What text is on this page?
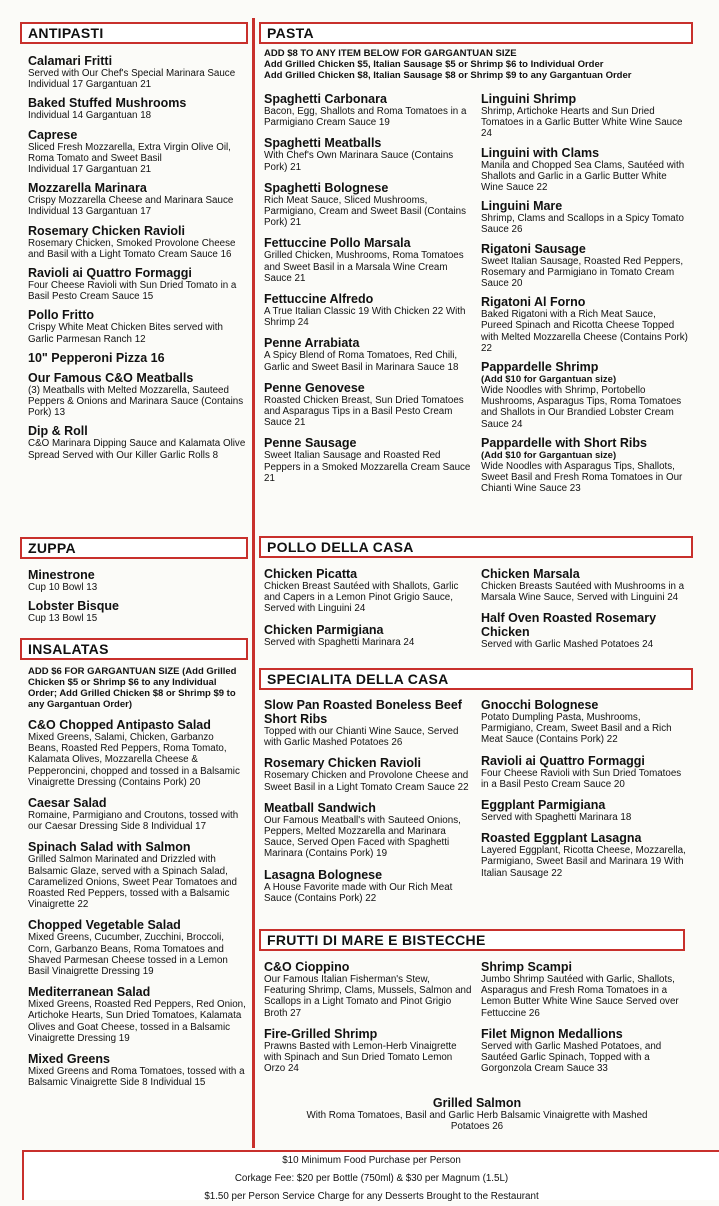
ANTIPASTI
Calamari Fritti
Served with Our Chef's Special Marinara Sauce
Individual 17 Gargantuan 21
Baked Stuffed Mushrooms
Individual 14 Gargantuan 18
Caprese
Sliced Fresh Mozzarella, Extra Virgin Olive Oil, Roma Tomato and Sweet Basil
Individual 17 Gargantuan 21
Mozzarella Marinara
Crispy Mozzarella Cheese and Marinara Sauce
Individual 13 Gargantuan 17
Rosemary Chicken Ravioli
Rosemary Chicken, Smoked Provolone Cheese and Basil with a Light Tomato Cream Sauce 16
Ravioli ai Quattro Formaggi
Four Cheese Ravioli with Sun Dried Tomato in a Basil Pesto Cream Sauce 15
Pollo Fritto
Crispy White Meat Chicken Bites served with Garlic Parmesan Ranch 12
10" Pepperoni Pizza 16
Our Famous C&O Meatballs
(3) Meatballs with Melted Mozzarella, Sauteed Peppers & Onions and Marinara Sauce (Contains Pork) 13
Dip & Roll
C&O Marinara Dipping Sauce and Kalamata Olive Spread Served with Our Killer Garlic Rolls 8
ZUPPA
Minestrone
Cup 10 Bowl 13
Lobster Bisque
Cup 13 Bowl 15
INSALATAS
ADD $6 FOR GARGANTUAN SIZE (Add Grilled Chicken $5 or Shrimp $6 to any Individual Order; Add Grilled Chicken $8 or Shrimp $9 to any Gargantuan Order)
C&O Chopped Antipasto Salad
Mixed Greens, Salami, Chicken, Garbanzo Beans, Roasted Red Peppers, Roma Tomato, Kalamata Olives, Mozzarella Cheese & Pepperoncini, chopped and tossed in a Balsamic Vinaigrette Dressing (Contains Pork) 20
Caesar Salad
Romaine, Parmigiano and Croutons, tossed with our Caesar Dressing Side 8 Individual 17
Spinach Salad with Salmon
Grilled Salmon Marinated and Drizzled with Balsamic Glaze, served with a Spinach Salad, Caramelized Onions, Sweet Pear Tomatoes and Roasted Red Peppers, tossed with a Balsamic Vinaigrette 22
Chopped Vegetable Salad
Mixed Greens, Cucumber, Zucchini, Broccoli, Corn, Garbanzo Beans, Roma Tomatoes and Shaved Parmesan Cheese tossed in a Lemon Basil Vinaigrette Dressing 19
Mediterranean Salad
Mixed Greens, Roasted Red Peppers, Red Onion, Artichoke Hearts, Sun Dried Tomatoes, Kalamata Olives and Goat Cheese, tossed in a Balsamic Vinaigrette Dressing 19
Mixed Greens
Mixed Greens and Roma Tomatoes, tossed with a Balsamic Vinaigrette Side 8 Individual 15
PASTA
ADD $8 TO ANY ITEM BELOW FOR GARGANTUAN SIZE
Add Grilled Chicken $5, Italian Sausage $5 or Shrimp $6 to Individual Order
Add Grilled Chicken $8, Italian Sausage $8 or Shrimp $9 to any Gargantuan Order
Spaghetti Carbonara
Bacon, Egg, Shallots and Roma Tomatoes in a Parmigiano Cream Sauce 19
Spaghetti Meatballs
With Chef's Own Marinara Sauce (Contains Pork) 21
Spaghetti Bolognese
Rich Meat Sauce, Sliced Mushrooms, Parmigiano, Cream and Sweet Basil (Contains Pork) 21
Fettuccine Pollo Marsala
Grilled Chicken, Mushrooms, Roma Tomatoes and Sweet Basil in a Marsala Wine Cream Sauce 21
Fettuccine Alfredo
A True Italian Classic 19 With Chicken 22 With Shrimp 24
Penne Arrabiata
A Spicy Blend of Roma Tomatoes, Red Chili, Garlic and Sweet Basil in Marinara Sauce 18
Penne Genovese
Roasted Chicken Breast, Sun Dried Tomatoes and Asparagus Tips in a Basil Pesto Cream Sauce 21
Penne Sausage
Sweet Italian Sausage and Roasted Red Peppers in a Smoked Mozzarella Cream Sauce 21
Linguini Shrimp
Shrimp, Artichoke Hearts and Sun Dried Tomatoes in a Garlic Butter White Wine Sauce 24
Linguini with Clams
Manila and Chopped Sea Clams, Sautéed with Shallots and Garlic in a Garlic Butter White Wine Sauce 22
Linguini Mare
Shrimp, Clams and Scallops in a Spicy Tomato Sauce 26
Rigatoni Sausage
Sweet Italian Sausage, Roasted Red Peppers, Rosemary and Parmigiano in Tomato Cream Sauce 20
Rigatoni Al Forno
Baked Rigatoni with a Rich Meat Sauce, Pureed Spinach and Ricotta Cheese Topped with Melted Mozzarella Cheese (Contains Pork) 22
Pappardelle Shrimp
(Add $10 for Gargantuan size)
Wide Noodles with Shrimp, Portobello Mushrooms, Asparagus Tips, Roma Tomatoes and Shallots in Our Brandied Lobster Cream Sauce 24
Pappardelle with Short Ribs
(Add $10 for Gargantuan size)
Wide Noodles with Asparagus Tips, Shallots, Sweet Basil and Fresh Roma Tomatoes in Our Chianti Wine Sauce 23
POLLO DELLA CASA
Chicken Picatta
Chicken Breast Sautéed with Shallots, Garlic and Capers in a Lemon Pinot Grigio Sauce, Served with Linguini 24
Chicken Parmigiana
Served with Spaghetti Marinara 24
Chicken Marsala
Chicken Breasts Sautéed with Mushrooms in a Marsala Wine Sauce, Served with Linguini 24
Half Oven Roasted Rosemary Chicken
Served with Garlic Mashed Potatoes 24
SPECIALITA DELLA CASA
Slow Pan Roasted Boneless Beef Short Ribs
Topped with our Chianti Wine Sauce, Served with Garlic Mashed Potatoes 26
Rosemary Chicken Ravioli
Rosemary Chicken and Provolone Cheese and Sweet Basil in a Light Tomato Cream Sauce 22
Meatball Sandwich
Our Famous Meatball's with Sauteed Onions, Peppers, Melted Mozzarella and Marinara Sauce, Served Open Faced with Spaghetti Marinara (Contains Pork) 19
Lasagna Bolognese
A House Favorite made with Our Rich Meat Sauce (Contains Pork) 22
Gnocchi Bolognese
Potato Dumpling Pasta, Mushrooms, Parmigiano, Cream, Sweet Basil and a Rich Meat Sauce (Contains Pork) 22
Ravioli ai Quattro Formaggi
Four Cheese Ravioli with Sun Dried Tomatoes in a Basil Pesto Cream Sauce 20
Eggplant Parmigiana
Served with Spaghetti Marinara 18
Roasted Eggplant Lasagna
Layered Eggplant, Ricotta Cheese, Mozzarella, Parmigiano, Sweet Basil and Marinara 19 With Italian Sausage 22
FRUTTI DI MARE E BISTECCHE
C&O Cioppino
Our Famous Italian Fisherman's Stew, Featuring Shrimp, Clams, Mussels, Salmon and Scallops in a Light Tomato and Pinot Grigio Broth 27
Fire-Grilled Shrimp
Prawns Basted with Lemon-Herb Vinaigrette with Spinach and Sun Dried Tomato Lemon Orzo 24
Shrimp Scampi
Jumbo Shrimp Sautéed with Garlic, Shallots, Asparagus and Fresh Roma Tomatoes in a Lemon Butter White Wine Sauce Served over Fettuccine 26
Filet Mignon Medallions
Served with Garlic Mashed Potatoes, and Sautéed Garlic Spinach, Topped with a Gorgonzola Cream Sauce 33
Grilled Salmon
With Roma Tomatoes, Basil and Garlic Herb Balsamic Vinaigrette with Mashed Potatoes 26
$10 Minimum Food Purchase per Person
Corkage Fee: $20 per Bottle (750ml) & $30 per Magnum (1.5L)
$1.50 per Person Service Charge for any Desserts Brought to the Restaurant
